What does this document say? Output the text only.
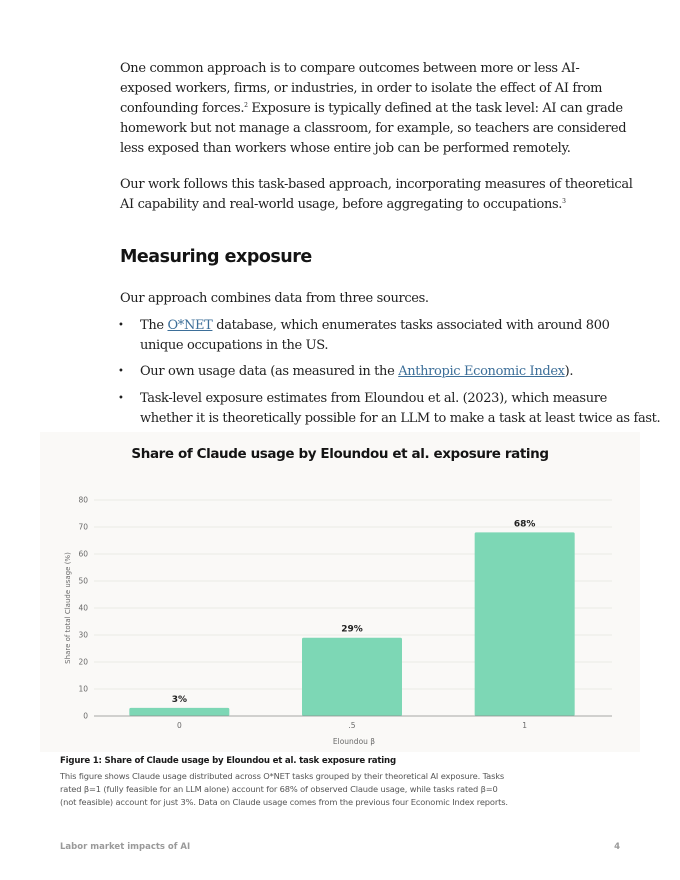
One common approach is to compare outcomes between more or less AI-
exposed workers, firms, or industries, in order to isolate the effect of AI from
confounding forces.$^2$ Exposure is typically defined at the task level: AI can grade
homework but not manage a classroom, for example, so teachers are considered
less exposed than workers whose entire job can be performed remotely.
Our work follows this task-based approach, incorporating measures of theoretical
AI capability and real-world usage, before aggregating to occupations.$^3$
Measuring exposure
Our approach combines data from three sources.
• The O*NET database, which enumerates tasks associated with around 800
unique occupations in the US.
• Our own usage data (as measured in the Anthropic Economic Index).
• Task-level exposure estimates from Eloundou et al. (2023), which measure
whether it is theoretically possible for an LLM to make a task at least twice as fast.
Share of Claude usage by Eloundou et al. exposure rating
0
10
20
30
40
50
60
70
80
3%
29%
68%
0	.5	1
Eloundou β
Share of total Claude usage (%)
Figure 1: Share of Claude usage by Eloundou et al. task exposure rating
This figure shows Claude usage distributed across O*NET tasks grouped by their theoretical AI exposure. Tasks
rated β=1 (fully feasible for an LLM alone) account for 68% of observed Claude usage, while tasks rated β=0
(not feasible) account for just 3%. Data on Claude usage comes from the previous four Economic Index reports.
Labor market impacts of AI	4
